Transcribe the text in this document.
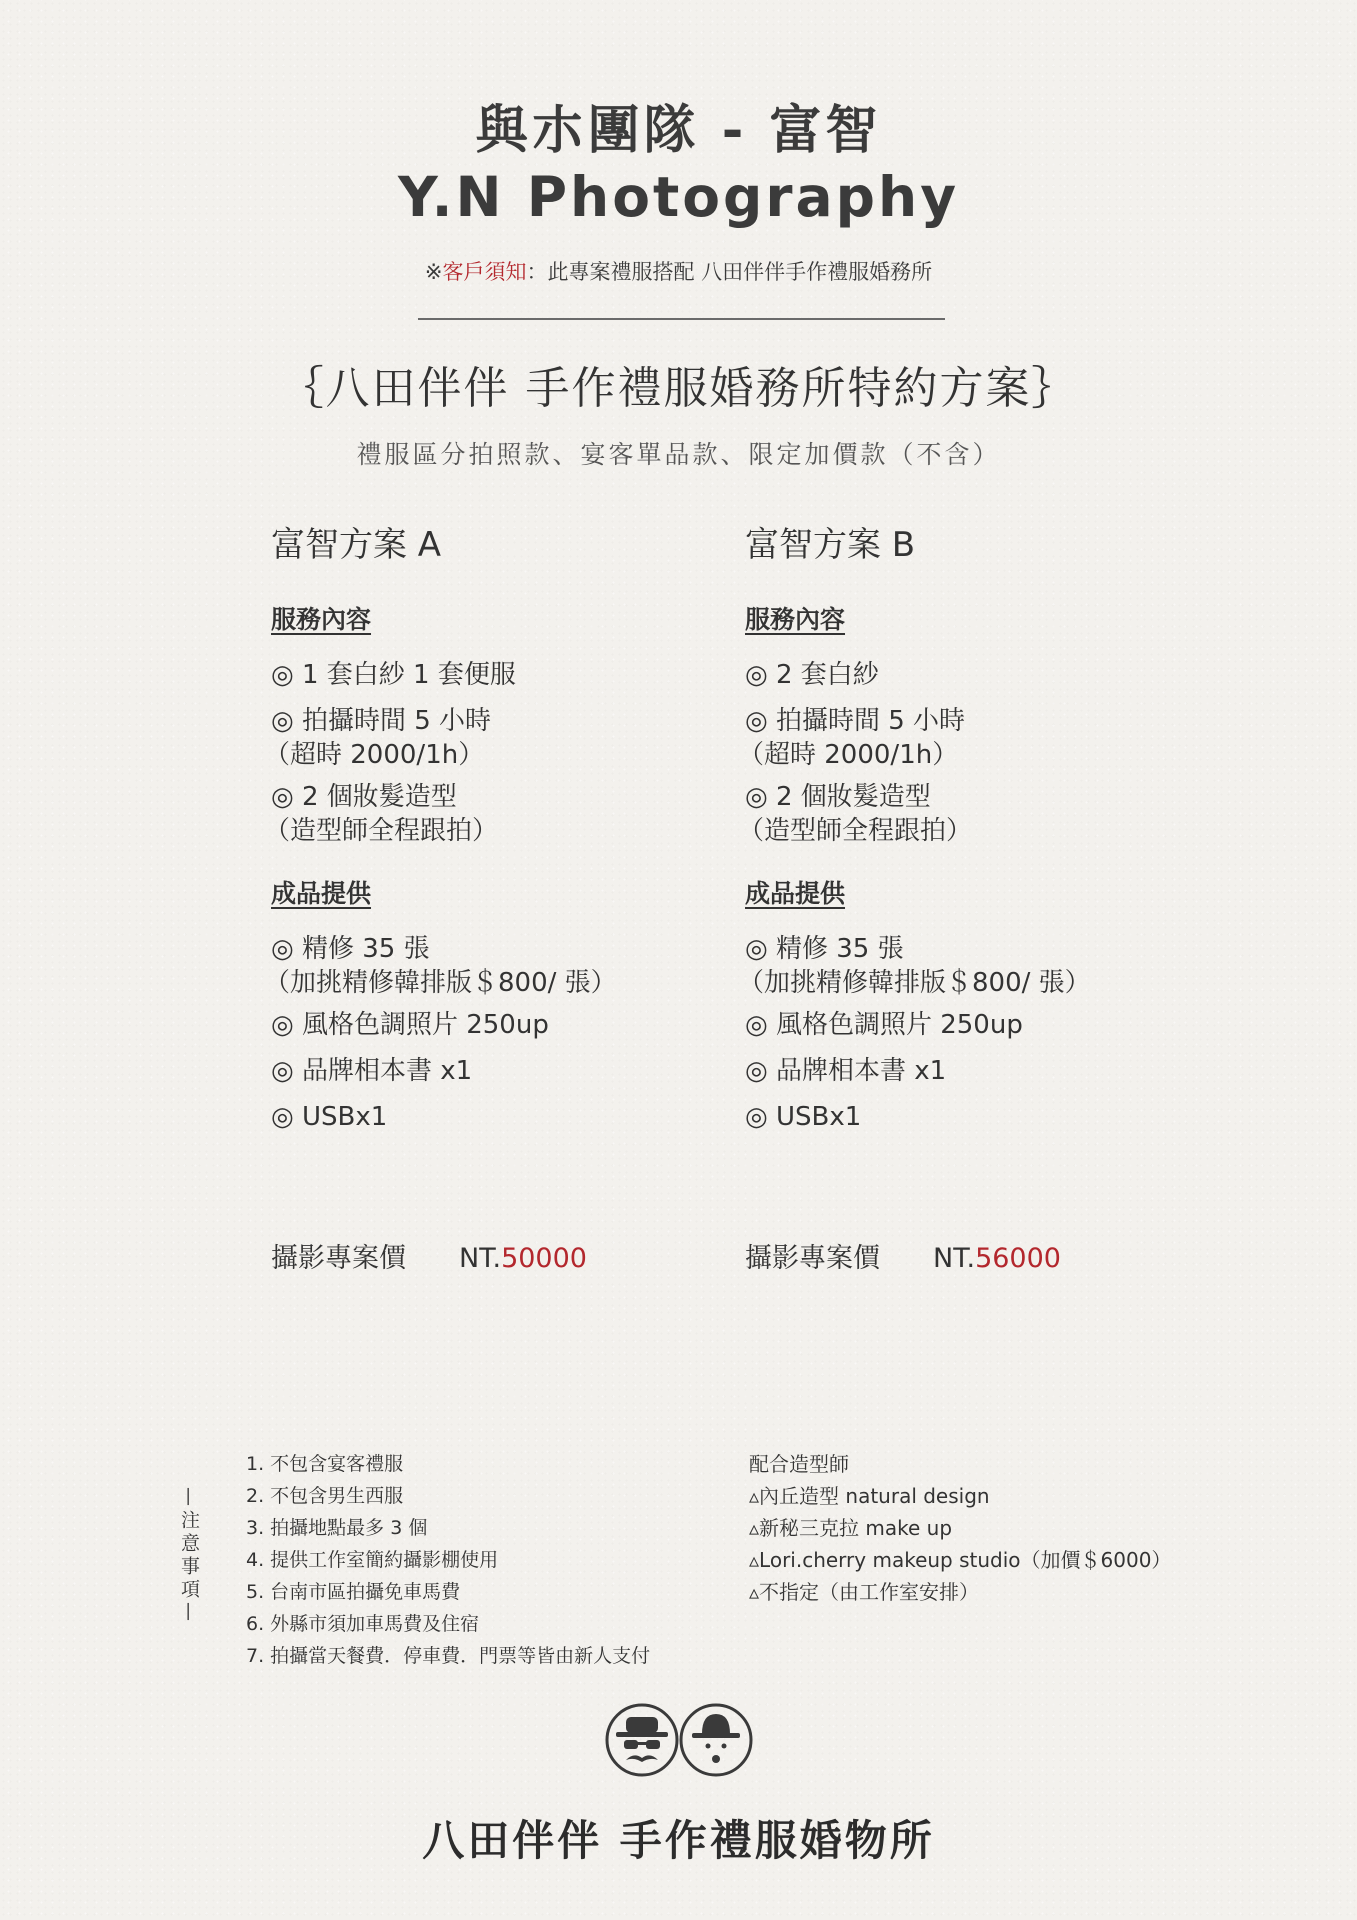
與朩團隊 - 富智
Y.N Photography
※客戶須知：此專案禮服搭配 八田伴伴手作禮服婚務所
｛八田伴伴 手作禮服婚務所特約方案｝
禮服區分拍照款、宴客單品款、限定加價款（不含）
富智方案 A
服務內容
◎ 1 套白紗 1 套便服
◎ 拍攝時間 5 小時
（超時 2000/1h）
◎ 2 個妝髮造型
（造型師全程跟拍）
成品提供
◎ 精修 35 張
（加挑精修韓排版＄800/ 張）
◎ 風格色調照片 250up
◎ 品牌相本書 x1
◎ USBx1
攝影專案價 NT.50000
富智方案 B
服務內容
◎ 2 套白紗
◎ 拍攝時間 5 小時
（超時 2000/1h）
◎ 2 個妝髮造型
（造型師全程跟拍）
成品提供
◎ 精修 35 張
（加挑精修韓排版＄800/ 張）
◎ 風格色調照片 250up
◎ 品牌相本書 x1
◎ USBx1
攝影專案價 NT.56000
—注意事項—
1. 不包含宴客禮服
2. 不包含男生西服
3. 拍攝地點最多 3 個
4. 提供工作室簡約攝影棚使用
5. 台南市區拍攝免車馬費
6. 外縣市須加車馬費及住宿
7. 拍攝當天餐費．停車費．門票等皆由新人支付
配合造型師
▵內丘造型 natural design
▵新秘三克拉 make up
▵Lori.cherry makeup studio（加價＄6000）
▵不指定（由工作室安排）
八田伴伴 手作禮服婚物所
